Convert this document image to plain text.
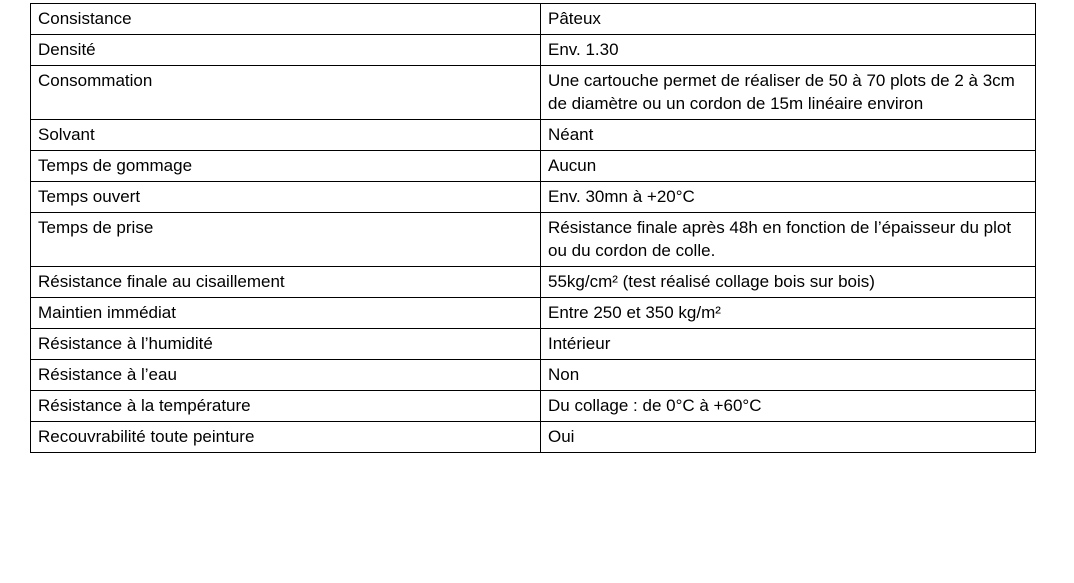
Consistance	Pâteux
Densité	Env. 1.30
Consommation	Une cartouche permet de réaliser de 50 à 70 plots de 2 à 3cm de diamètre ou un cordon de 15m linéaire environ
Solvant	Néant
Temps de gommage	Aucun
Temps ouvert	Env. 30mn à +20°C
Temps de prise	Résistance finale après 48h en fonction de l’épaisseur du plot ou du cordon de colle.
Résistance finale au cisaillement	55kg/cm² (test réalisé collage bois sur bois)
Maintien immédiat	Entre 250 et 350 kg/m²
Résistance à l’humidité	Intérieur
Résistance à l’eau	Non
Résistance à la température	Du collage : de 0°C à +60°C
Recouvrabilité toute peinture	Oui
